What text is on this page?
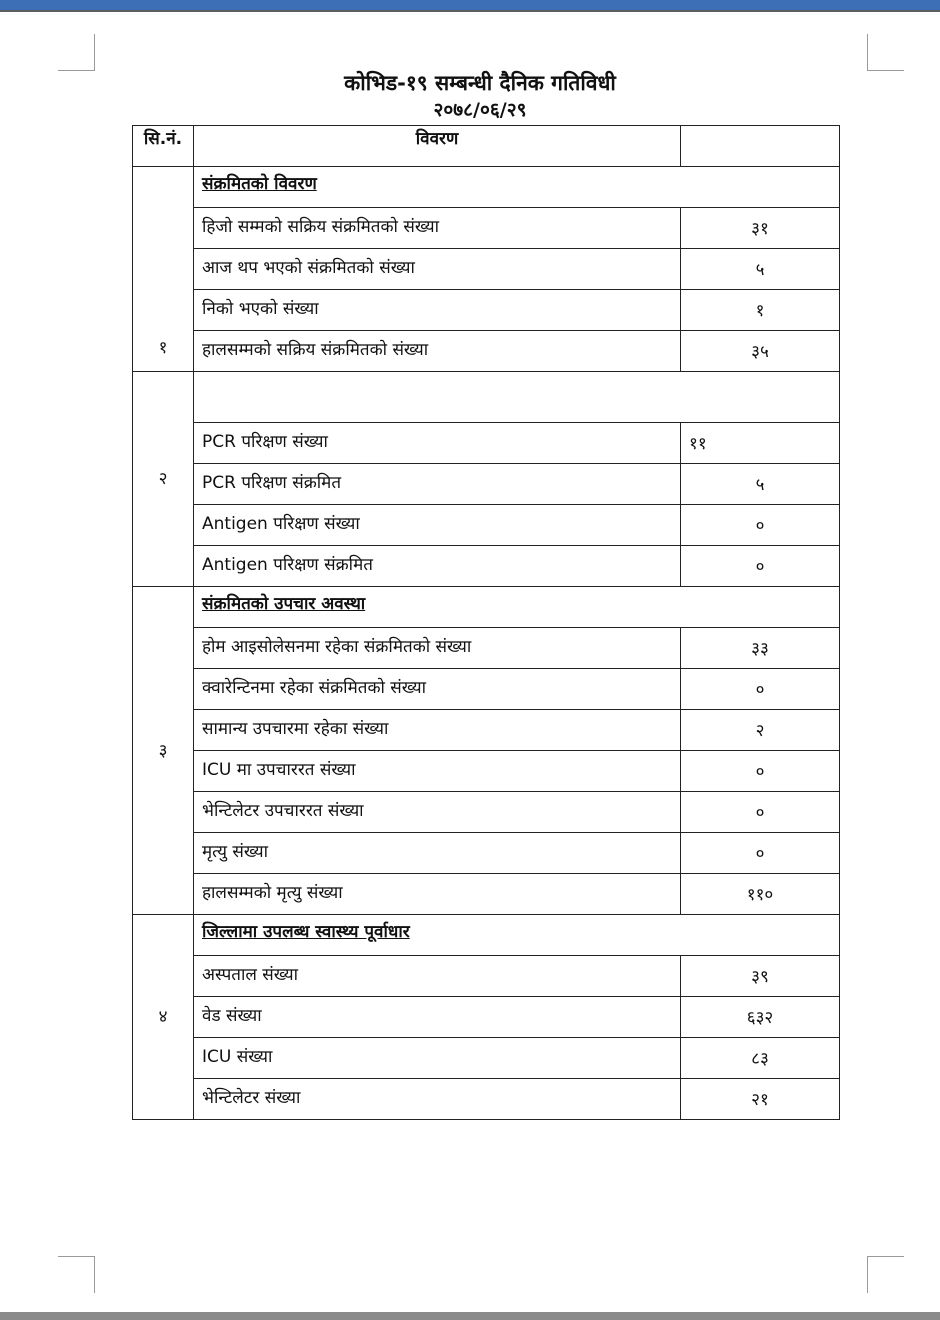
कोभिड-१९ सम्बन्धी दैनिक गतिविधी
२०७८/०६/२९
सि.नं.	विवरण	
१	संक्रमितको विवरण	
	हिजो सम्मको सक्रिय संक्रमितको संख्या	३१
	आज थप भएको संक्रमितको संख्या	५
	निको भएको संख्या	१
	हालसम्मको सक्रिय संक्रमितको संख्या	३५
२		
	PCR परिक्षण संख्या	११
	PCR परिक्षण संक्रमित	५
	Antigen परिक्षण संख्या	०
	Antigen परिक्षण संक्रमित	०
३	संक्रमितको उपचार अवस्था	
	होम आइसोलेसनमा रहेका संक्रमितको संख्या	३३
	क्वारेन्टिनमा रहेका संक्रमितको संख्या	०
	सामान्य उपचारमा रहेका संख्या	२
	ICU मा उपचाररत संख्या	०
	भेन्टिलेटर उपचाररत संख्या	०
	मृत्यु संख्या	०
	हालसम्मको मृत्यु संख्या	११०
४	जिल्लामा उपलब्ध स्वास्थ्य पूर्वाधार	
	अस्पताल संख्या	३९
	वेड संख्या	६३२
	ICU संख्या	८३
	भेन्टिलेटर संख्या	२१
